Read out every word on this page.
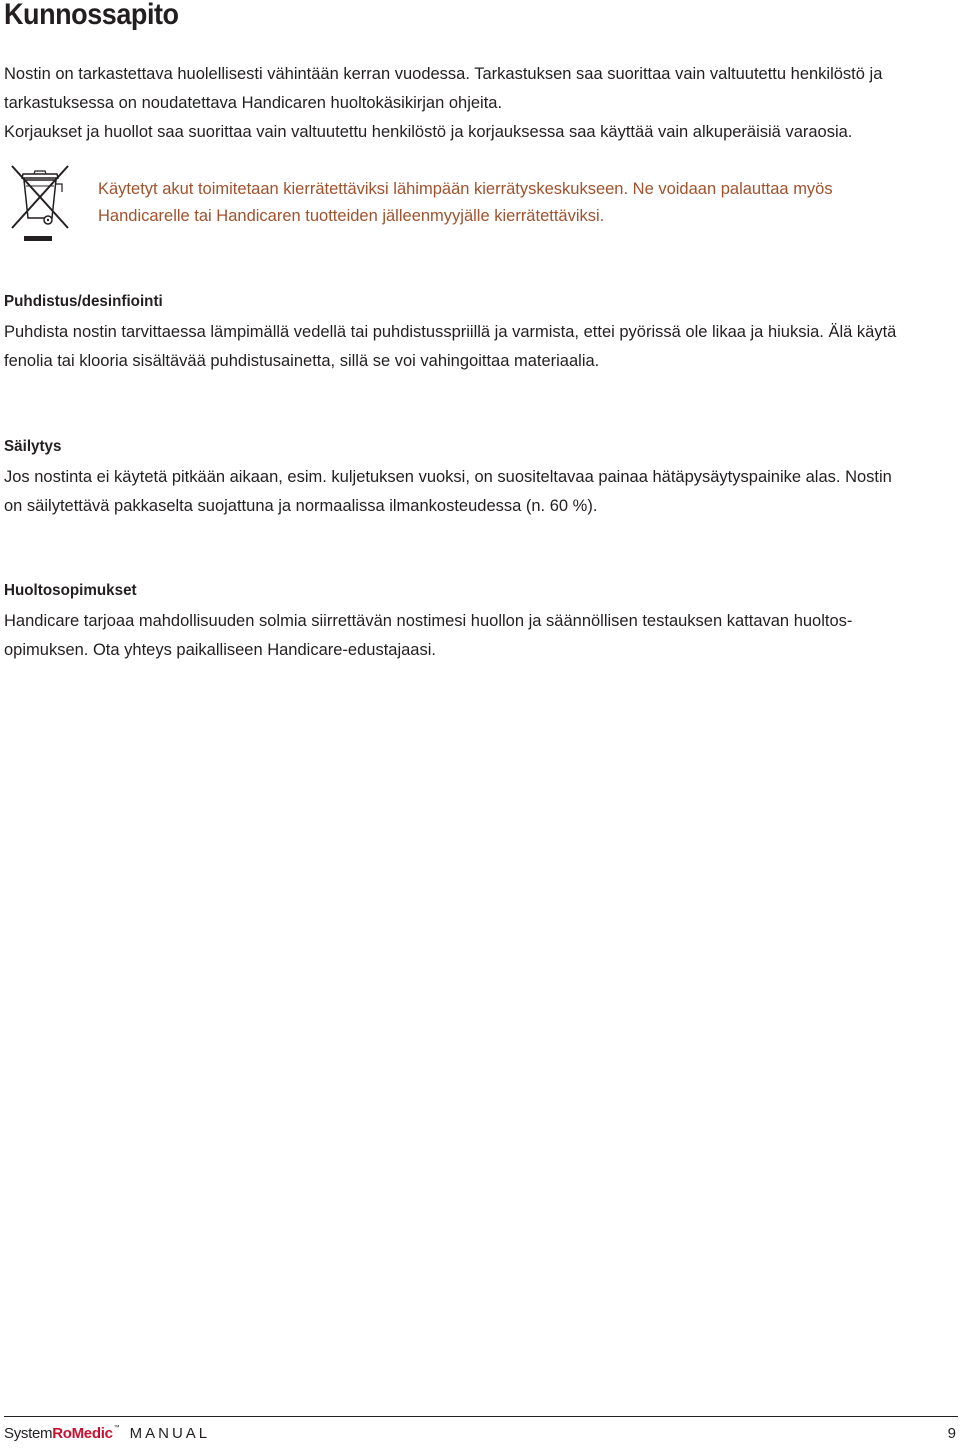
Kunnossapito

Nostin on tarkastettava huolellisesti vähintään kerran vuodessa. Tarkastuksen saa suorittaa vain valtuutettu henkilöstö ja
tarkastuksessa on noudatettava Handicaren huoltokäsikirjan ohjeita.
Korjaukset ja huollot saa suorittaa vain valtuutettu henkilöstö ja korjauksessa saa käyttää vain alkuperäisiä varaosia.

Käytetyt akut toimitetaan kierrätettäviksi lähimpään kierrätyskeskukseen. Ne voidaan palauttaa myös
Handicarelle tai Handicaren tuotteiden jälleenmyyjälle kierrätettäviksi.

Puhdistus/desinfiointi

Puhdista nostin tarvittaessa lämpimällä vedellä tai puhdistusspriillä ja varmista, ettei pyörissä ole likaa ja hiuksia. Älä käytä
fenolia tai klooria sisältävää puhdistusainetta, sillä se voi vahingoittaa materiaalia.

Säilytys

Jos nostinta ei käytetä pitkään aikaan, esim. kuljetuksen vuoksi, on suositeltavaa painaa hätäpysäytyspainike alas. Nostin
on säilytettävä pakkaselta suojattuna ja normaalissa ilmankosteudessa (n. 60 %).

Huoltosopimukset

Handicare tarjoaa mahdollisuuden solmia siirrettävän nostimesi huollon ja säännöllisen testauksen kattavan huoltos-
opimuksen. Ota yhteys paikalliseen Handicare-edustajaasi.

SystemRoMedic™ MANUAL	9
